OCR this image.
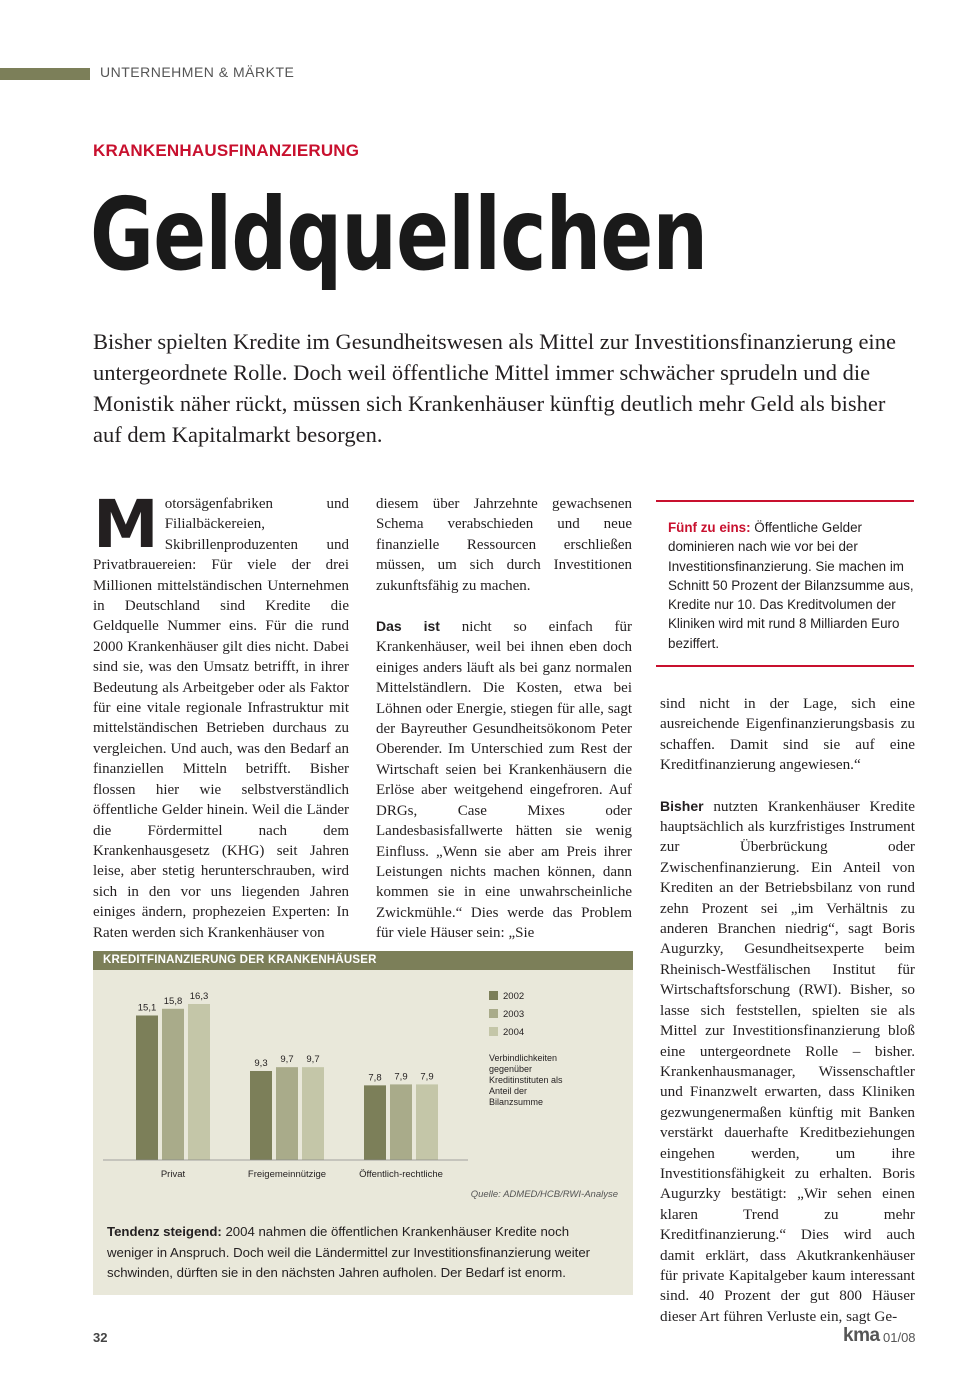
UNTERNEHMEN & MÄRKTE
KRANKENHAUSFINANZIERUNG
Geldquellchen
Bisher spielten Kredite im Gesundheitswesen als Mittel zur Investitionsfinanzierung eine untergeordnete Rolle. Doch weil öffentliche Mittel immer schwächer sprudeln und die Monistik näher rückt, müssen sich Krankenhäuser künftig deutlich mehr Geld als bisher auf dem Kapitalmarkt besorgen.

Motorsägenfabriken und Filialbäckereien, Skibrillenproduzenten und Privatbrauereien: Für viele der drei Millionen mittelständischen Unternehmen in Deutschland sind Kredite die Geldquelle Nummer eins. Für die rund 2000 Krankenhäuser gilt dies nicht. Dabei sind sie, was den Umsatz betrifft, in ihrer Bedeutung als Arbeitgeber oder als Faktor für eine vitale regionale Infrastruktur mit mittelständischen Betrieben durchaus zu vergleichen. Und auch, was den Bedarf an finanziellen Mitteln betrifft. Bisher flossen hier wie selbstverständlich öffentliche Gelder hinein. Weil die Länder die Fördermittel nach dem Krankenhausgesetz (KHG) seit Jahren leise, aber stetig herunterschrauben, wird sich in den vor uns liegenden Jahren einiges ändern, prophezeien Experten: In Raten werden sich Krankenhäuser von

diesem über Jahrzehnte gewachsenen Schema verabschieden und neue finanzielle Ressourcen erschließen müssen, um sich durch Investitionen zukunftsfähig zu machen.

Das ist nicht so einfach für Krankenhäuser, weil bei ihnen eben doch einiges anders läuft als bei ganz normalen Mittelständlern. Die Kosten, etwa bei Löhnen oder Energie, stiegen für alle, sagt der Bayreuther Gesundheitsökonom Peter Oberender. Im Unterschied zum Rest der Wirtschaft seien bei Krankenhäusern die Erlöse aber weitgehend eingefroren. Auf DRGs, Case Mixes oder Landesbasisfallwerte hätten sie wenig Einfluss. „Wenn sie aber am Preis ihrer Leistungen nichts machen können, dann kommen sie in eine unwahrscheinliche Zwickmühle.“ Dies werde das Problem für viele Häuser sein: „Sie

Fünf zu eins: Öffentliche Gelder dominieren nach wie vor bei der Investitionsfinanzierung. Sie machen im Schnitt 50 Prozent der Bilanzsumme aus, Kredite nur 10. Das Kreditvolumen der Kliniken wird mit rund 8 Milliarden Euro beziffert.

sind nicht in der Lage, sich eine ausreichende Eigenfinanzierungsbasis zu schaffen. Damit sind sie auf eine Kreditfinanzierung angewiesen.“

Bisher nutzten Krankenhäuser Kredite hauptsächlich als kurzfristiges Instrument zur Überbrückung oder Zwischenfinanzierung. Ein Anteil von Krediten an der Betriebsbilanz von rund zehn Prozent sei „im Verhältnis zu anderen Branchen niedrig“, sagt Boris Augurzky, Gesundheitsexperte beim Rheinisch-Westfälischen Institut für Wirtschaftsforschung (RWI). Bisher, so lasse sich feststellen, spielten sie als Mittel zur Investitionsfinanzierung bloß eine untergeordnete Rolle – bisher. Krankenhausmanager, Wissenschaftler und Finanzwelt erwarten, dass Kliniken gezwungenermaßen künftig mit Banken verstärkt dauerhafte Kreditbeziehungen eingehen werden, um ihre Investitionsfähigkeit zu erhalten. Boris Augurzky bestätigt: „Wir sehen einen klaren Trend zu mehr Kreditfinanzierung.“ Dies wird auch damit erklärt, dass Akutkrankenhäuser für private Kapitalgeber kaum interessant sind. 40 Prozent der gut 800 Häuser dieser Art führen Verluste ein, sagt Ge-

KREDITFINANZIERUNG DER KRANKENHÄUSER
15,1
15,8 16,3
Privat
9,3 9,7 9,7
Freigemeinnützige
7,8 7,9 7,9
Öffentlich-rechtliche
2002
2003
2004
Verbindlichkeiten gegenüber Kreditinstituten als Anteil der Bilanzsumme
Quelle: ADMED/HCB/RWI-Analyse
Tendenz steigend: 2004 nahmen die öffentlichen Krankenhäuser Kredite noch weniger in Anspruch. Doch weil die Ländermittel zur Investitionsfinanzierung weiter schwinden, dürften sie in den nächsten Jahren aufholen. Der Bedarf ist enorm.
32	kma 01/08
